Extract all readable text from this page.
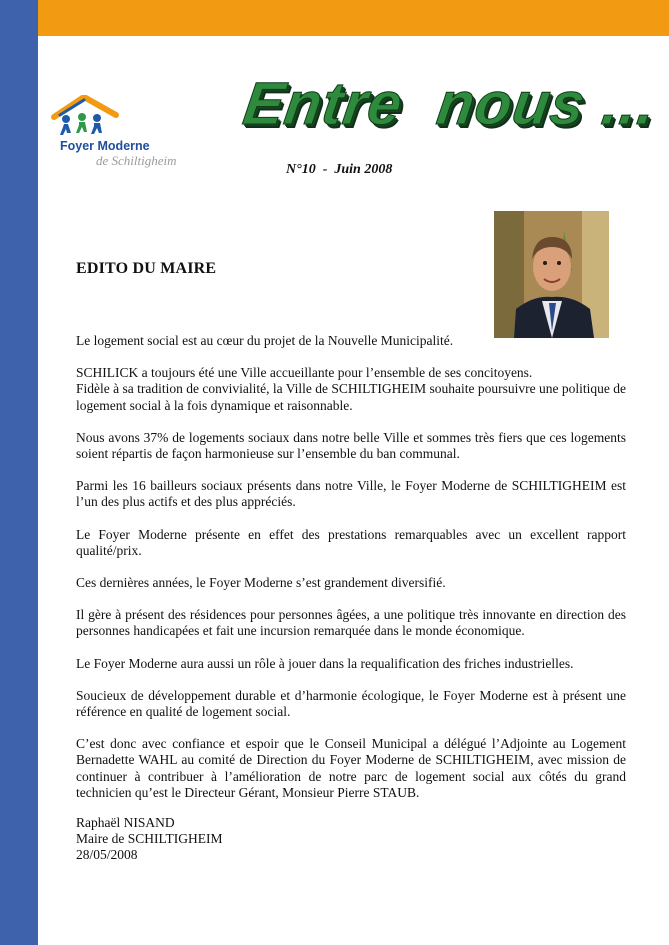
Foyer Moderne
de Schiltigheim
Entre  nous ...
N°10  -  Juin 2008
EDITO DU MAIRE

Le logement social est au cœur du projet de la Nouvelle Municipalité.

SCHILICK a toujours été une Ville accueillante pour l’ensemble de ses concitoyens.

Fidèle à sa tradition de convivialité, la Ville de SCHILTIGHEIM souhaite poursuivre une politique de logement social à la fois dynamique et raisonnable.

Nous avons 37% de logements sociaux dans notre belle Ville et sommes très fiers que ces logements soient répartis de façon harmonieuse sur l’ensemble du ban communal.

Parmi les 16 bailleurs sociaux présents dans notre Ville, le Foyer Moderne de SCHILTIGHEIM est l’un des plus actifs et des plus appréciés.

Le Foyer Moderne présente en effet des prestations remarquables avec un excellent rapport qualité/prix.

Ces dernières années, le Foyer Moderne s’est grandement diversifié.

Il gère à présent des résidences pour personnes âgées, a une politique très innovante en direction des personnes handicapées et fait une incursion remarquée dans le monde économique.

Le Foyer Moderne aura aussi un rôle à jouer dans la requalification des friches industrielles.

Soucieux de développement durable et d’harmonie écologique, le Foyer Moderne est à présent une référence en qualité de logement social.

C’est donc avec confiance et espoir que le Conseil Municipal a délégué l’Adjointe au Logement Bernadette WAHL au comité de Direction du Foyer Moderne de SCHILTIGHEIM, avec mission de continuer à contribuer à l’amélioration de notre parc de logement social aux côtés du grand technicien qu’est le Directeur Gérant, Monsieur Pierre STAUB.

Raphaël NISAND
Maire de SCHILTIGHEIM
28/05/2008
